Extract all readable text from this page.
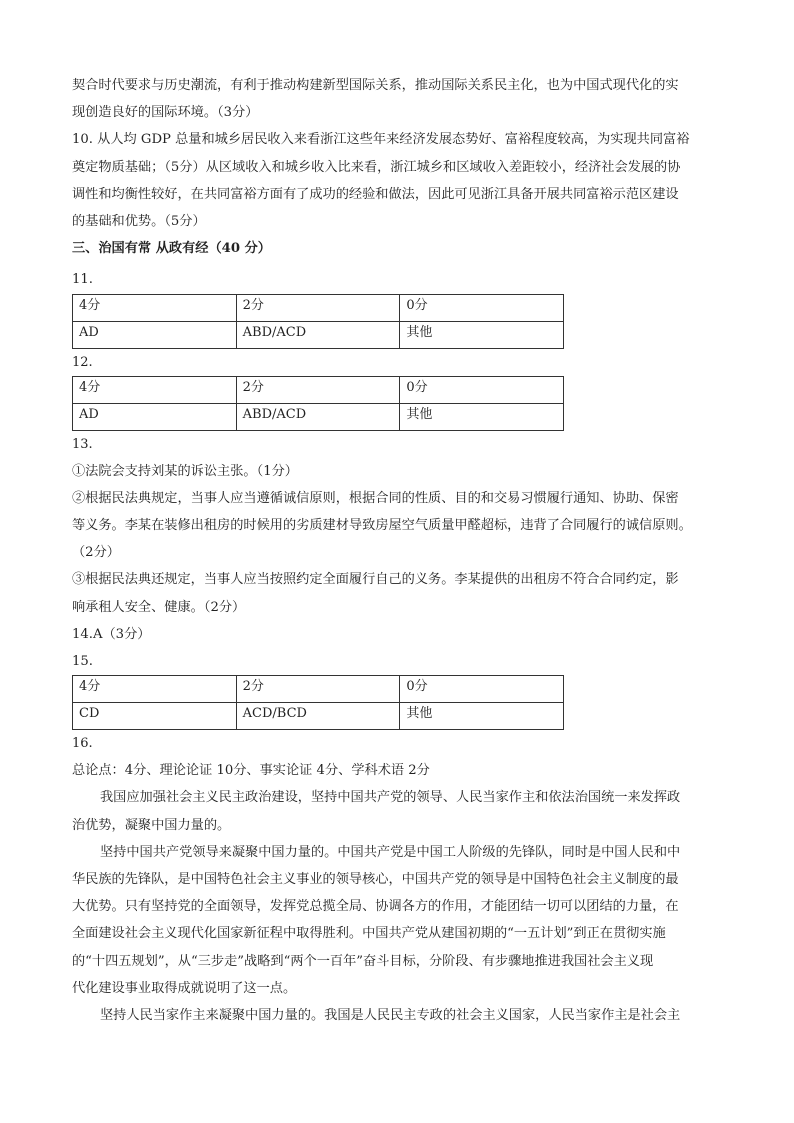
契合时代要求与历史潮流，有利于推动构建新型国际关系，推动国际关系民主化，也为中国式现代化的实

现创造良好的国际环境。（3分）

10. 从人均 GDP 总量和城乡居民收入来看浙江这些年来经济发展态势好、富裕程度较高，为实现共同富裕

奠定物质基础；（5分）从区域收入和城乡收入比来看，浙江城乡和区域收入差距较小，经济社会发展的协

调性和均衡性较好，在共同富裕方面有了成功的经验和做法，因此可见浙江具备开展共同富裕示范区建设

的基础和优势。（5分）

三、治国有常 从政有经（40 分）

11.

4分	2分	0分
AD	ABD/ACD	其他

12.

4分	2分	0分
AD	ABD/ACD	其他

13.

①法院会支持刘某的诉讼主张。（1分）

②根据民法典规定，当事人应当遵循诚信原则，根据合同的性质、目的和交易习惯履行通知、协助、保密

等义务。李某在装修出租房的时候用的劣质建材导致房屋空气质量甲醛超标，违背了合同履行的诚信原则。

（2分）

③根据民法典还规定，当事人应当按照约定全面履行自己的义务。李某提供的出租房不符合合同约定，影

响承租人安全、健康。（2分）

14.A（3分）

15.

4分	2分	0分
CD	ACD/BCD	其他

16.

总论点：4分、理论论证 10分、事实论证 4分、学科术语 2分

我国应加强社会主义民主政治建设，坚持中国共产党的领导、人民当家作主和依法治国统一来发挥政

治优势，凝聚中国力量的。

坚持中国共产党领导来凝聚中国力量的。中国共产党是中国工人阶级的先锋队，同时是中国人民和中

华民族的先锋队，是中国特色社会主义事业的领导核心，中国共产党的领导是中国特色社会主义制度的最

大优势。只有坚持党的全面领导，发挥党总揽全局、协调各方的作用，才能团结一切可以团结的力量，在

全面建设社会主义现代化国家新征程中取得胜利。中国共产党从建国初期的“一五计划”到正在贯彻实施

的“十四五规划”，从“三步走”战略到“两个一百年”奋斗目标，分阶段、有步骤地推进我国社会主义现

代化建设事业取得成就说明了这一点。

坚持人民当家作主来凝聚中国力量的。我国是人民民主专政的社会主义国家，人民当家作主是社会主
